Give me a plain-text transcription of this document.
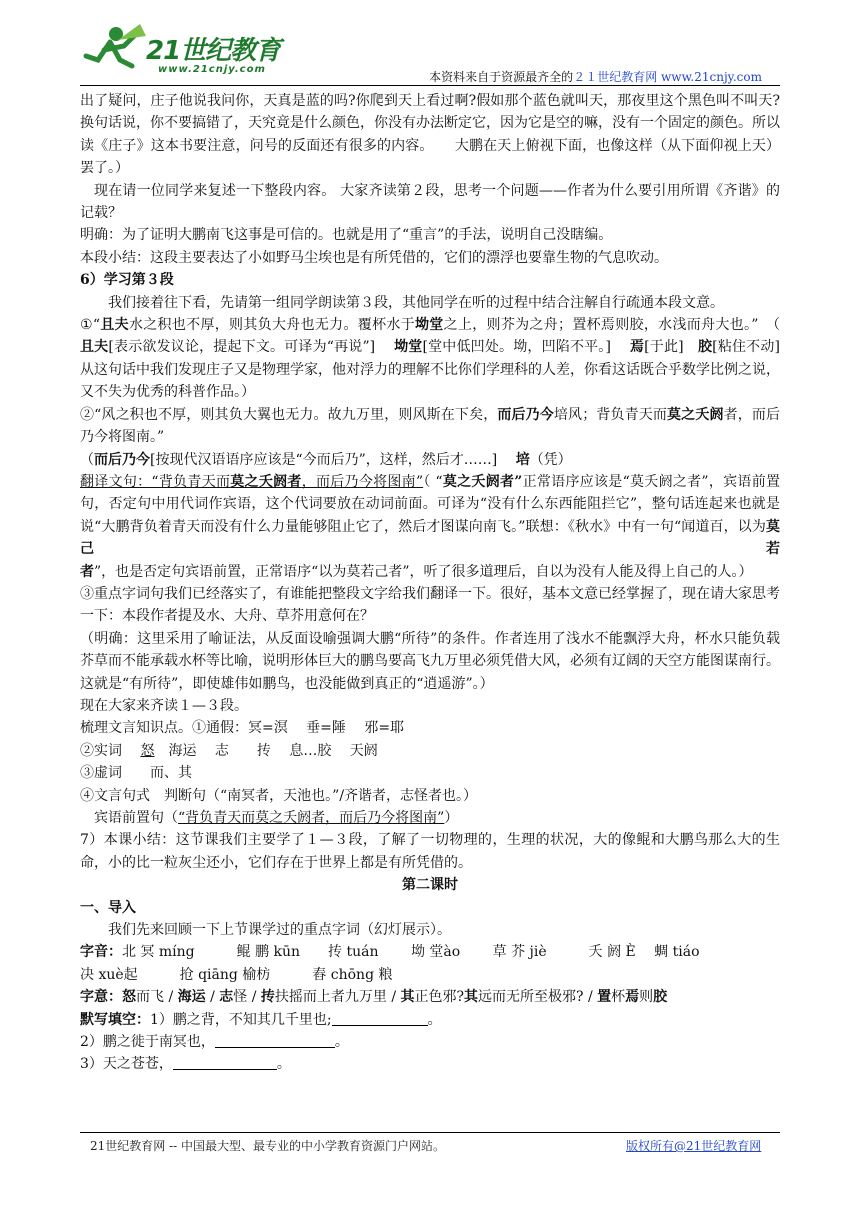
21世纪教育
www.21cnjy.com
本资料来自于资源最齐全的２１世纪教育网 www.21cnjy.com

出了疑问，庄子他说我问你，天真是蓝的吗?你爬到天上看过啊?假如那个蓝色就叫天，那夜里这个黑色叫不叫天?换句话说，你不要搞错了，天究竟是什么颜色，你没有办法断定它，因为它是空的嘛，没有一个固定的颜色。所以读《庄子》这本书要注意，问号的反面还有很多的内容。　　大鹏在天上俯视下面，也像这样（从下面仰视上天）罢了。）

现在请一位同学来复述一下整段内容。 大家齐读第２段，思考一个问题——作者为什么要引用所谓《齐谐》的记载？

明确：为了证明大鹏南飞这事是可信的。也就是用了“重言”的手法，说明自己没瞎编。

本段小结：这段主要表达了小如野马尘埃也是有所凭借的，它们的漂浮也要靠生物的气息吹动。

6）学习第３段

我们接着往下看，先请第一组同学朗读第３段，其他同学在听的过程中结合注解自行疏通本段文意。

①“且夫水之积也不厚，则其负大舟也无力。覆杯水于坳堂之上，则芥为之舟；置杯焉则胶，水浅而舟大也。”　（ 且夫[表示欲发议论，提起下文。可译为“再说”]　 坳堂[堂中低凹处。坳，凹陷不平。]　 焉[于此]　胶[粘住不动]　　从这句话中我们发现庄子又是物理学家，他对浮力的理解不比你们学理科的人差，你看这话既合乎数学比例之说，又不失为优秀的科普作品。）

②“风之积也不厚，则其负大翼也无力。故九万里，则风斯在下矣，而后乃今培风；背负青天而莫之夭阏者，而后乃今将图南。”

（而后乃今[按现代汉语语序应该是“今而后乃”，这样，然后才……]　 培（凭）

翻译文句：“背负青天而莫之夭阏者，而后乃今将图南”（ “莫之夭阏者”正常语序应该是“莫夭阏之者”，宾语前置句，否定句中用代词作宾语，这个代词要放在动词前面。可译为“没有什么东西能阻拦它”，整句话连起来也就是说“大鹏背负着青天而没有什么力量能够阻止它了，然后才图谋向南飞。”联想：《秋水》中有一句“闻道百，以为莫己若者”，也是否定句宾语前置，正常语序“以为莫若己者”，听了很多道理后，自以为没有人能及得上自己的人。）

③重点字词句我们已经落实了，有谁能把整段文字给我们翻译一下。很好，基本文意已经掌握了，现在请大家思考一下：本段作者提及水、大舟、草芥用意何在？

（明确：这里采用了喻证法，从反面设喻强调大鹏“所待”的条件。作者连用了浅水不能飘浮大舟，杯水只能负载芥草而不能承载水杯等比喻，说明形体巨大的鹏鸟要高飞九万里必须凭借大风，必须有辽阔的天空方能图谋南行。这就是“有所待”，即使雄伟如鹏鸟，也没能做到真正的“逍遥游”。）

现在大家来齐读１—３段。

梳理文言知识点。①通假：冥=溟　 垂=陲　 邪=耶

②实词　 怒　海运　 志　　抟　 息…胶　 天阏

③虚词　　而、其

④文言句式　判断句（“南冥者，天池也。”/齐谐者，志怪者也。）

宾语前置句（“背负青天而莫之夭阏者，而后乃今将图南”）

7）本课小结：这节课我们主要学了１—３段，了解了一切物理的，生理的状况，大的像鲲和大鹏鸟那么大的生命，小的比一粒灰尘还小，它们存在于世界上都是有所凭借的。

第二课时

一、导入

我们先来回顾一下上节课学过的重点字词（幻灯展示）。

字音：北 冥 míng　　　鲲 鹏 kūn　　抟 tuán　　 坳 堂ào　　 草 芥 jiè　　　夭 阏 È　 蜩 tiáo

决 xuè起　　　抢 qiāng 榆枋　　　舂 chōng 粮

字意：怒而飞 / 海运 / 志怪 / 抟扶摇而上者九万里 / 其正色邪?其远而无所至极邪? / 置杯焉则胶

默写填空：1）鹏之背，不知其几千里也;	。

2）鹏之徙于南冥也，	。

3）天之苍苍，	。

21世纪教育网 -- 中国最大型、最专业的中小学教育资源门户网站。	版权所有@21世纪教育网
